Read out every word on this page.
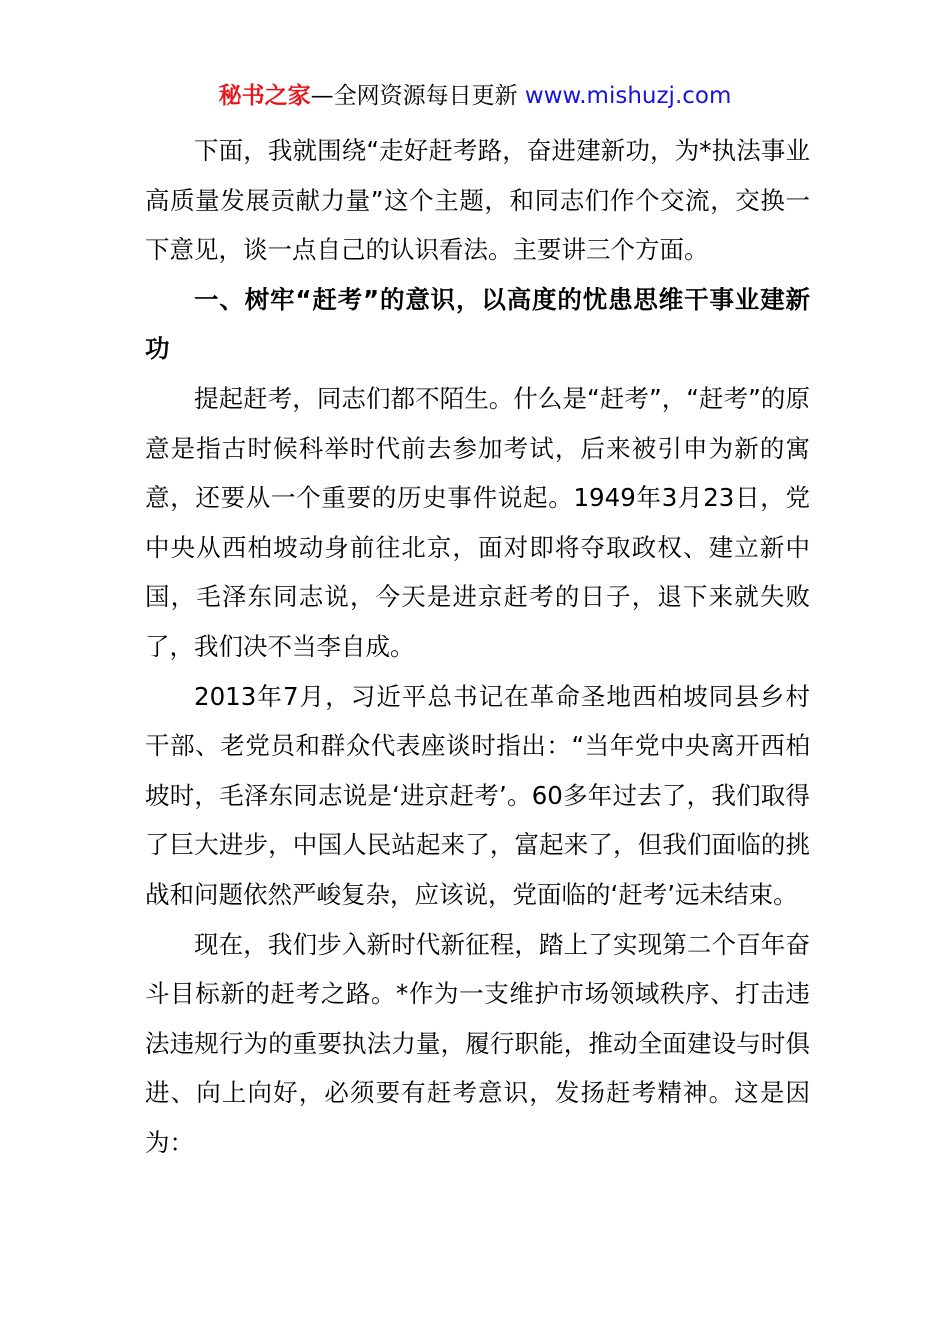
秘书之家—全网资源每日更新 www.mishuzj.com

下面，我就围绕“走好赶考路，奋进建新功，为*执法事业高质量发展贡献力量”这个主题，和同志们作个交流，交换一下意见，谈一点自己的认识看法。主要讲三个方面。

一、树牢“赶考”的意识，以高度的忧患思维干事业建新功

提起赶考，同志们都不陌生。什么是“赶考”，“赶考”的原意是指古时候科举时代前去参加考试，后来被引申为新的寓意，还要从一个重要的历史事件说起。1949年3月23日，党中央从西柏坡动身前往北京，面对即将夺取政权、建立新中国，毛泽东同志说，今天是进京赶考的日子，退下来就失败了，我们决不当李自成。

2013年7月，习近平总书记在革命圣地西柏坡同县乡村干部、老党员和群众代表座谈时指出：“当年党中央离开西柏坡时，毛泽东同志说是‘进京赶考’。60多年过去了，我们取得了巨大进步，中国人民站起来了，富起来了，但我们面临的挑战和问题依然严峻复杂，应该说，党面临的‘赶考’远未结束。

现在，我们步入新时代新征程，踏上了实现第二个百年奋斗目标新的赶考之路。*作为一支维护市场领域秩序、打击违法违规行为的重要执法力量，履行职能，推动全面建设与时俱进、向上向好，必须要有赶考意识，发扬赶考精神。这是因为：
